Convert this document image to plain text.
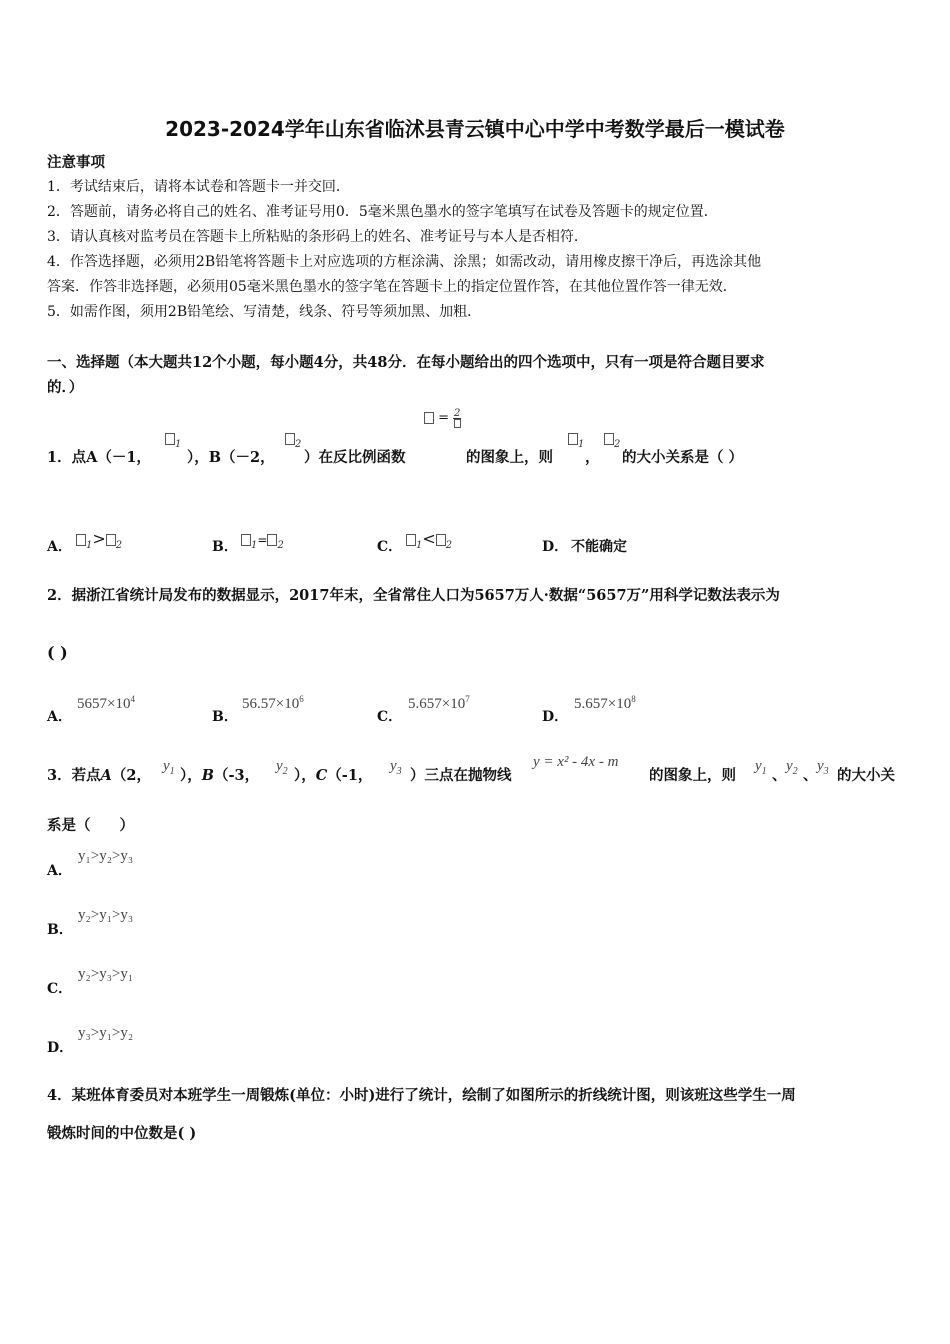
2023-2024学年山东省临沭县青云镇中心中学中考数学最后一模试卷
注意事项
1．考试结束后，请将本试卷和答题卡一并交回．
2．答题前，请务必将自己的姓名、准考证号用0．5毫米黑色墨水的签字笔填写在试卷及答题卡的规定位置．
3．请认真核对监考员在答题卡上所粘贴的条形码上的姓名、准考证号与本人是否相符．
4．作答选择题，必须用2B铅笔将答题卡上对应选项的方框涂满、涂黑；如需改动，请用橡皮擦干净后，再选涂其他
答案．作答非选择题，必须用05毫米黑色墨水的签字笔在答题卡上的指定位置作答，在其他位置作答一律无效．
5．如需作图，须用2B铅笔绘、写清楚，线条、符号等须加黑、加粗．
一、选择题（本大题共12个小题，每小题4分，共48分．在每小题给出的四个选项中，只有一项是符合题目要求
的．）
$_1$	$_2$
= 2

$_1$	$_2$
1．点A（－1， ），B（－2， ）在反比例函数	的图象上，则 ， 的大小关系是（ ）
A．	$_1$> $_2$	B．	$_1$= $_2$	C．	$_1$< $_2$	D． 不能确定
2．据浙江省统计局发布的数据显示，2017年末，全省常住人口为5657万人·数据“5657万”用科学记数法表示为
( )
A．
$5657\times 10^4$
B．
$56.57\times 10^6$
C．
$5.657\times 10^7$
D．
$5.657\times 10^8$
3．若点A（2，
$y_1$ ），B（-3，
$y_2$ ），C（-1，
$y_3$ ）三点在抛物线
y = x² - 4x - m
的图象上，则
$y_1$ 、
$y_2$ 、
$y_3$ 的大小关
系是（　　）
A．
y₁>y₂>y₃
B．
y₂>y₁>y₃
C．
y₂>y₃>y₁
D．
y₃>y₁>y₂
4．某班体育委员对本班学生一周锻炼(单位：小时)进行了统计，绘制了如图所示的折线统计图，则该班这些学生一周
锻炼时间的中位数是( )
